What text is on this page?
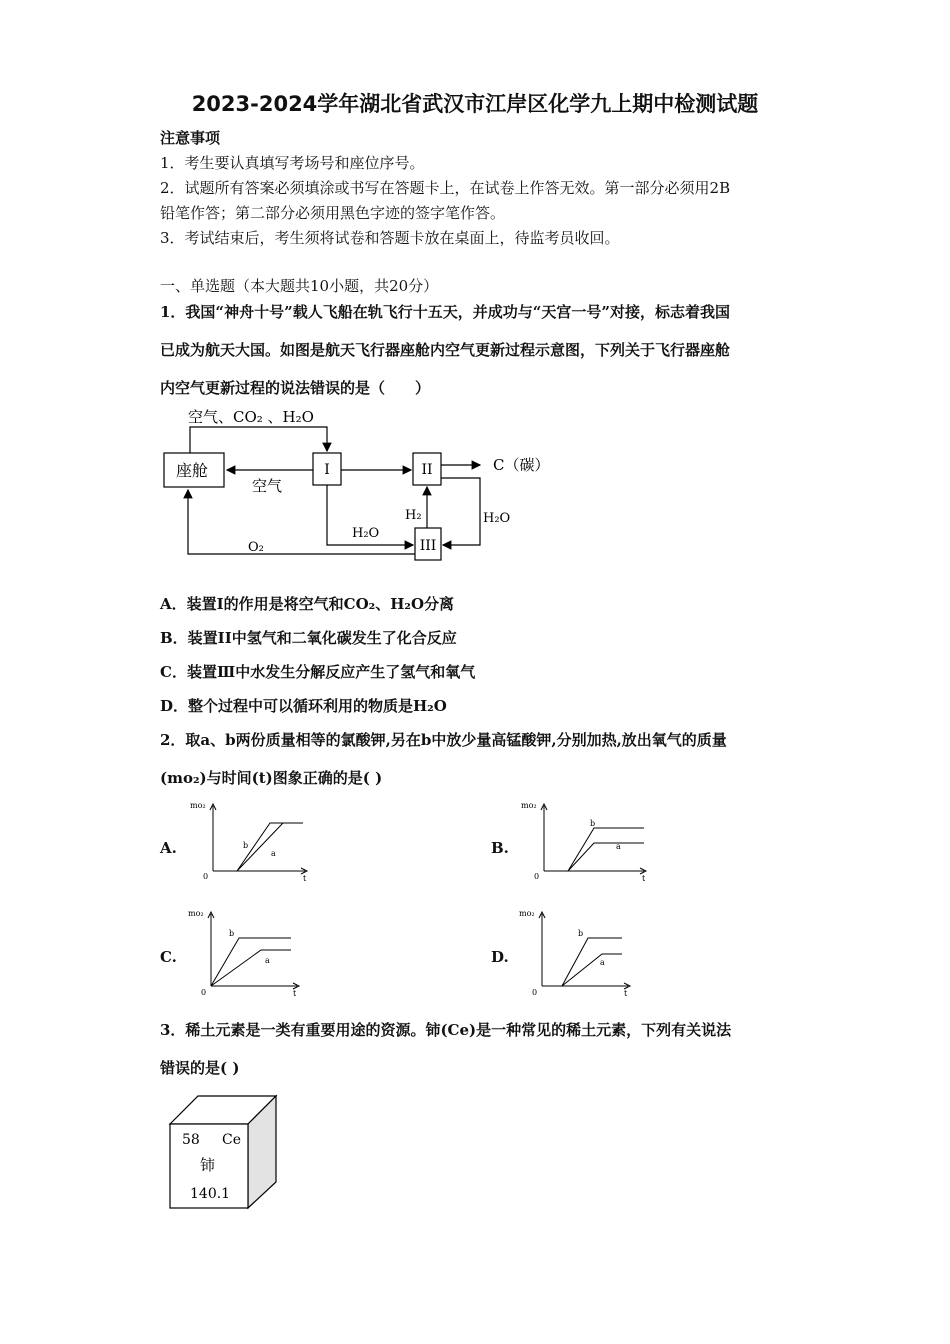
2023-2024学年湖北省武汉市江岸区化学九上期中检测试题
注意事项
1．考生要认真填写考场号和座位序号。
2．试题所有答案必须填涂或书写在答题卡上，在试卷上作答无效。第一部分必须用2B
铅笔作答；第二部分必须用黑色字迹的签字笔作答。
3．考试结束后，考生须将试卷和答题卡放在桌面上，待监考员收回。
一、单选题（本大题共10小题，共20分）
1．我国“神舟十号”载人飞船在轨飞行十五天，并成功与“天宫一号”对接，标志着我国
已成为航天大国。如图是航天飞行器座舱内空气更新过程示意图，下列关于飞行器座舱
内空气更新过程的说法错误的是（　　）
空气、CO₂ 、H₂O
座舱	I	II
III
空气
C（碳）
H₂	H₂O
H₂O
O₂
A．装置I的作用是将空气和CO₂、H₂O分离
B．装置II中氢气和二氧化碳发生了化合反应
C．装置Ⅲ中水发生分解反应产生了氢气和氧气
D．整个过程中可以循环利用的物质是H₂O
2．取a、b两份质量相等的氯酸钾,另在b中放少量高锰酸钾,分别加热,放出氧气的质量
(mo₂)与时间(t)图象正确的是( )
A.
mo₂
0	t
b
a	B.
mo₂
0	t
b
a
C.
mo₂
0	t
b
a	D.
mo₂
0	t
b
a
3．稀土元素是一类有重要用途的资源。铈(Ce)是一种常见的稀土元素，下列有关说法
错误的是( )
58 Ce
铈
140.1
